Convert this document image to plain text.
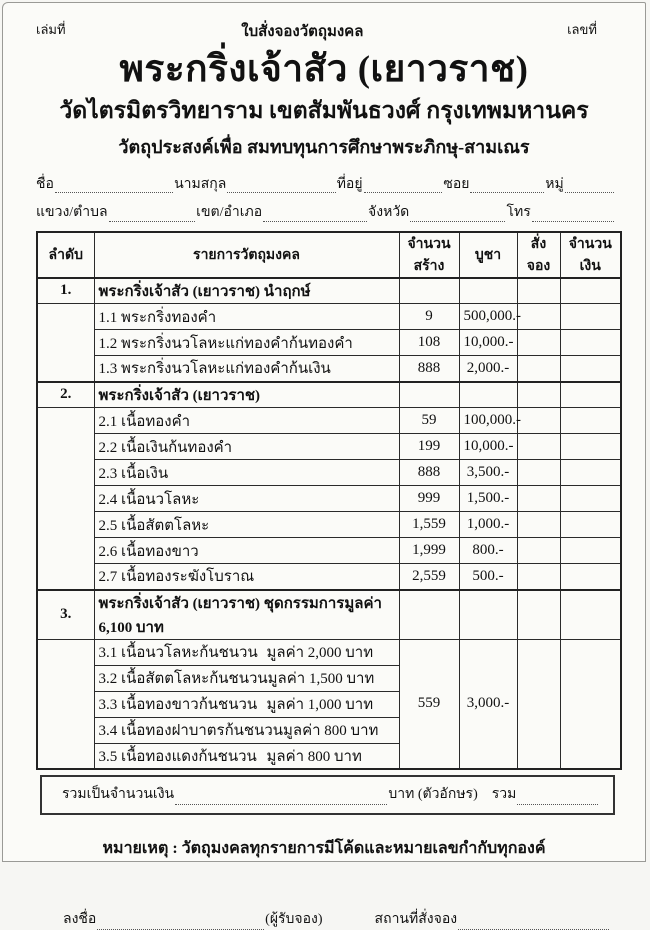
เล่มที่	ใบสั่งจองวัตถุมงคล	เลขที่
พระกริ่งเจ้าสัว (เยาวราช)
วัดไตรมิตรวิทยาราม เขตสัมพันธวงศ์ กรุงเทพมหานคร
วัตถุประสงค์เพื่อ สมทบทุนการศึกษาพระภิกษุ-สามเณร
ชื่อ	นามสกุล	ที่อยู่	ซอย	หมู่
แขวง/ตำบล	เขต/อำเภอ	จังหวัด	โทร
ลำดับ	รายการวัตถุมงคล	จำนวนสร้าง	บูชา	สั่งจอง	จำนวนเงิน
1.	พระกริ่งเจ้าสัว (เยาวราช) นำฤกษ์				
	1.1 พระกริ่งทองคำ	9	500,000.-		
	1.2 พระกริ่งนวโลหะแก่ทองคำก้นทองคำ	108	10,000.-		
	1.3 พระกริ่งนวโลหะแก่ทองคำก้นเงิน	888	2,000.-		
2.	พระกริ่งเจ้าสัว (เยาวราช)				
	2.1 เนื้อทองคำ	59	100,000.-		
	2.2 เนื้อเงินก้นทองคำ	199	10,000.-		
	2.3 เนื้อเงิน	888	3,500.-		
	2.4 เนื้อนวโลหะ	999	1,500.-		
	2.5 เนื้อสัตตโลหะ	1,559	1,000.-		
	2.6 เนื้อทองขาว	1,999	800.-		
	2.7 เนื้อทองระฆังโบราณ	2,559	500.-		
3.	พระกริ่งเจ้าสัว (เยาวราช) ชุดกรรมการมูลค่า 6,100 บาท				
	3.1 เนื้อนวโลหะก้นชนวน มูลค่า 2,000 บาท	559	3,000.-		
	3.2 เนื้อสัตตโลหะก้นชนวนมูลค่า 1,500 บาท				
	3.3 เนื้อทองขาวก้นชนวน มูลค่า 1,000 บาท				
	3.4 เนื้อทองฝาบาตรก้นชนวนมูลค่า 800 บาท				
	3.5 เนื้อทองแดงก้นชนวน มูลค่า 800 บาท				
รวมเป็นจำนวนเงิน	บาท (ตัวอักษร) รวม
หมายเหตุ : วัตถุมงคลทุกรายการมีโค้ดและหมายเลขกำกับทุกองค์
ลงชื่อ	(ผู้รับจอง)	สถานที่สั่งจอง
